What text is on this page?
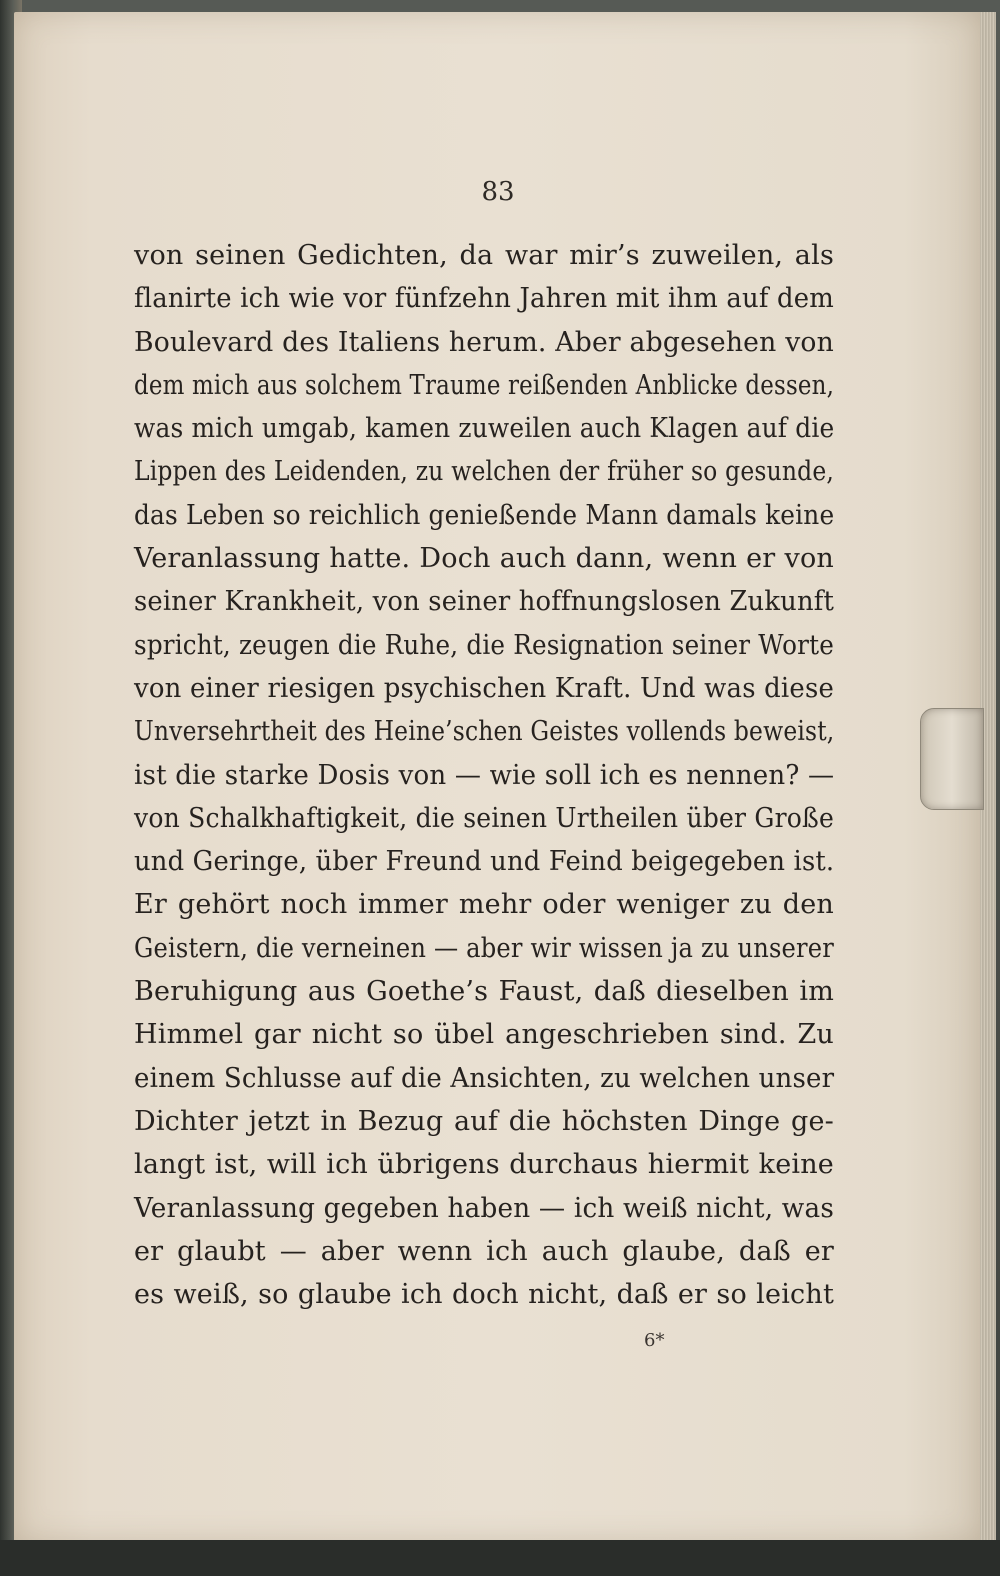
83
von seinen Gedichten, da war mir’s zuweilen, als
flanirte ich wie vor fünfzehn Jahren mit ihm auf dem
Boulevard des Italiens herum. Aber abgesehen von
dem mich aus solchem Traume reißenden Anblicke dessen,
was mich umgab, kamen zuweilen auch Klagen auf die
Lippen des Leidenden, zu welchen der früher so gesunde,
das Leben so reichlich genießende Mann damals keine
Veranlassung hatte. Doch auch dann, wenn er von
seiner Krankheit, von seiner hoffnungslosen Zukunft
spricht, zeugen die Ruhe, die Resignation seiner Worte
von einer riesigen psychischen Kraft. Und was diese
Unversehrtheit des Heine’schen Geistes vollends beweist,
ist die starke Dosis von — wie soll ich es nennen? —
von Schalkhaftigkeit, die seinen Urtheilen über Große
und Geringe, über Freund und Feind beigegeben ist.
Er gehört noch immer mehr oder weniger zu den
Geistern, die verneinen — aber wir wissen ja zu unserer
Beruhigung aus Goethe’s Faust, daß dieselben im
Himmel gar nicht so übel angeschrieben sind. Zu
einem Schlusse auf die Ansichten, zu welchen unser
Dichter jetzt in Bezug auf die höchsten Dinge ge-
langt ist, will ich übrigens durchaus hiermit keine
Veranlassung gegeben haben — ich weiß nicht, was
er glaubt — aber wenn ich auch glaube, daß er
es weiß, so glaube ich doch nicht, daß er so leicht
6*
